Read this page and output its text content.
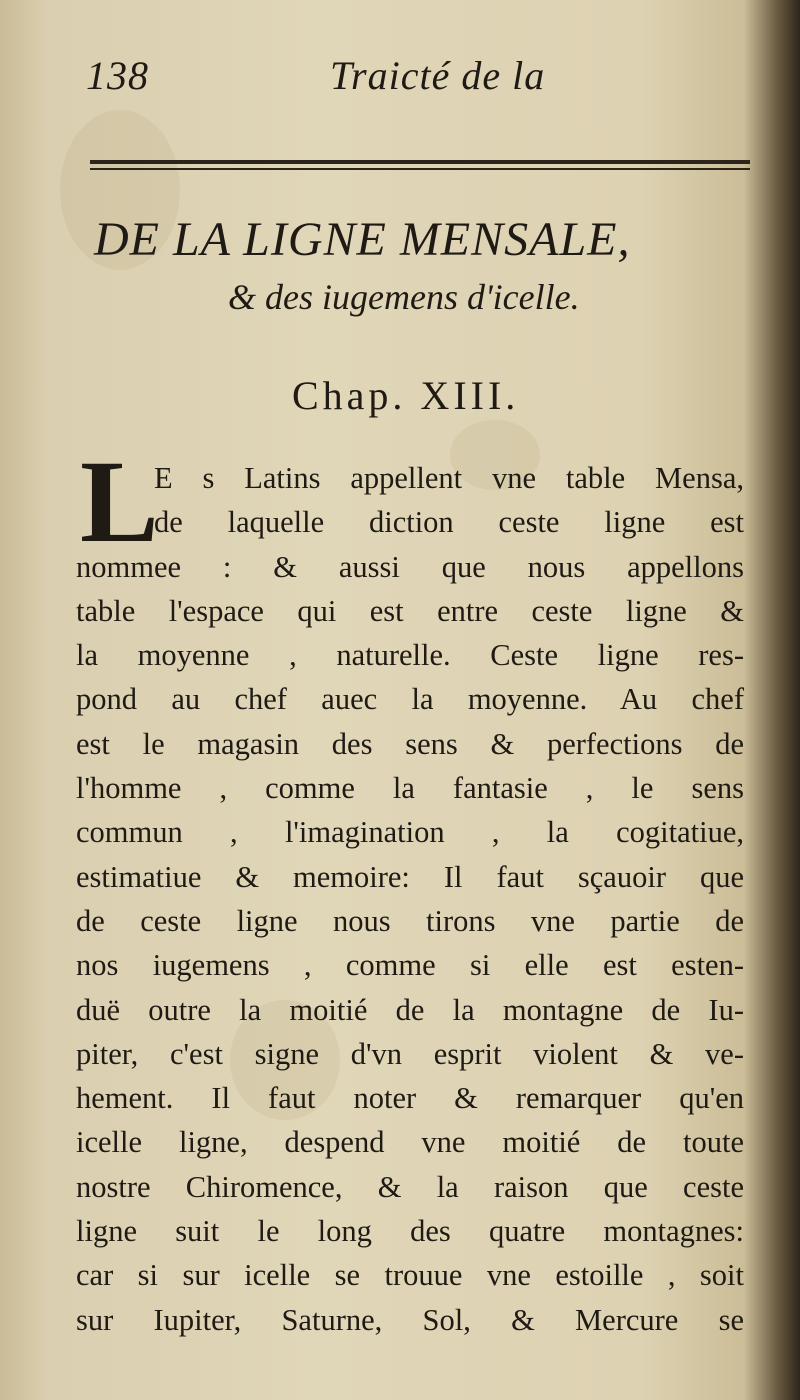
138	Traicté de la
DE LA LIGNE MENSALE,
& des iugemens d'icelle.
Chap. XIII.
L
E s Latins appellent vne table Mensa,
de laquelle diction ceste ligne est
nommee : & aussi que nous appellons
table l'espace qui est entre ceste ligne &
la moyenne , naturelle. Ceste ligne res-
pond au chef auec la moyenne. Au chef
est le magasin des sens & perfections de
l'homme , comme la fantasie , le sens
commun , l'imagination , la cogitatiue,
estimatiue & memoire: Il faut sçauoir que
de ceste ligne nous tirons vne partie de
nos iugemens , comme si elle est esten-
duë outre la moitié de la montagne de Iu-
piter, c'est signe d'vn esprit violent & ve-
hement. Il faut noter & remarquer qu'en
icelle ligne, despend vne moitié de toute
nostre Chiromence, & la raison que ceste
ligne suit le long des quatre montagnes:
car si sur icelle se trouue vne estoille , soit
sur Iupiter, Saturne, Sol, & Mercure se
